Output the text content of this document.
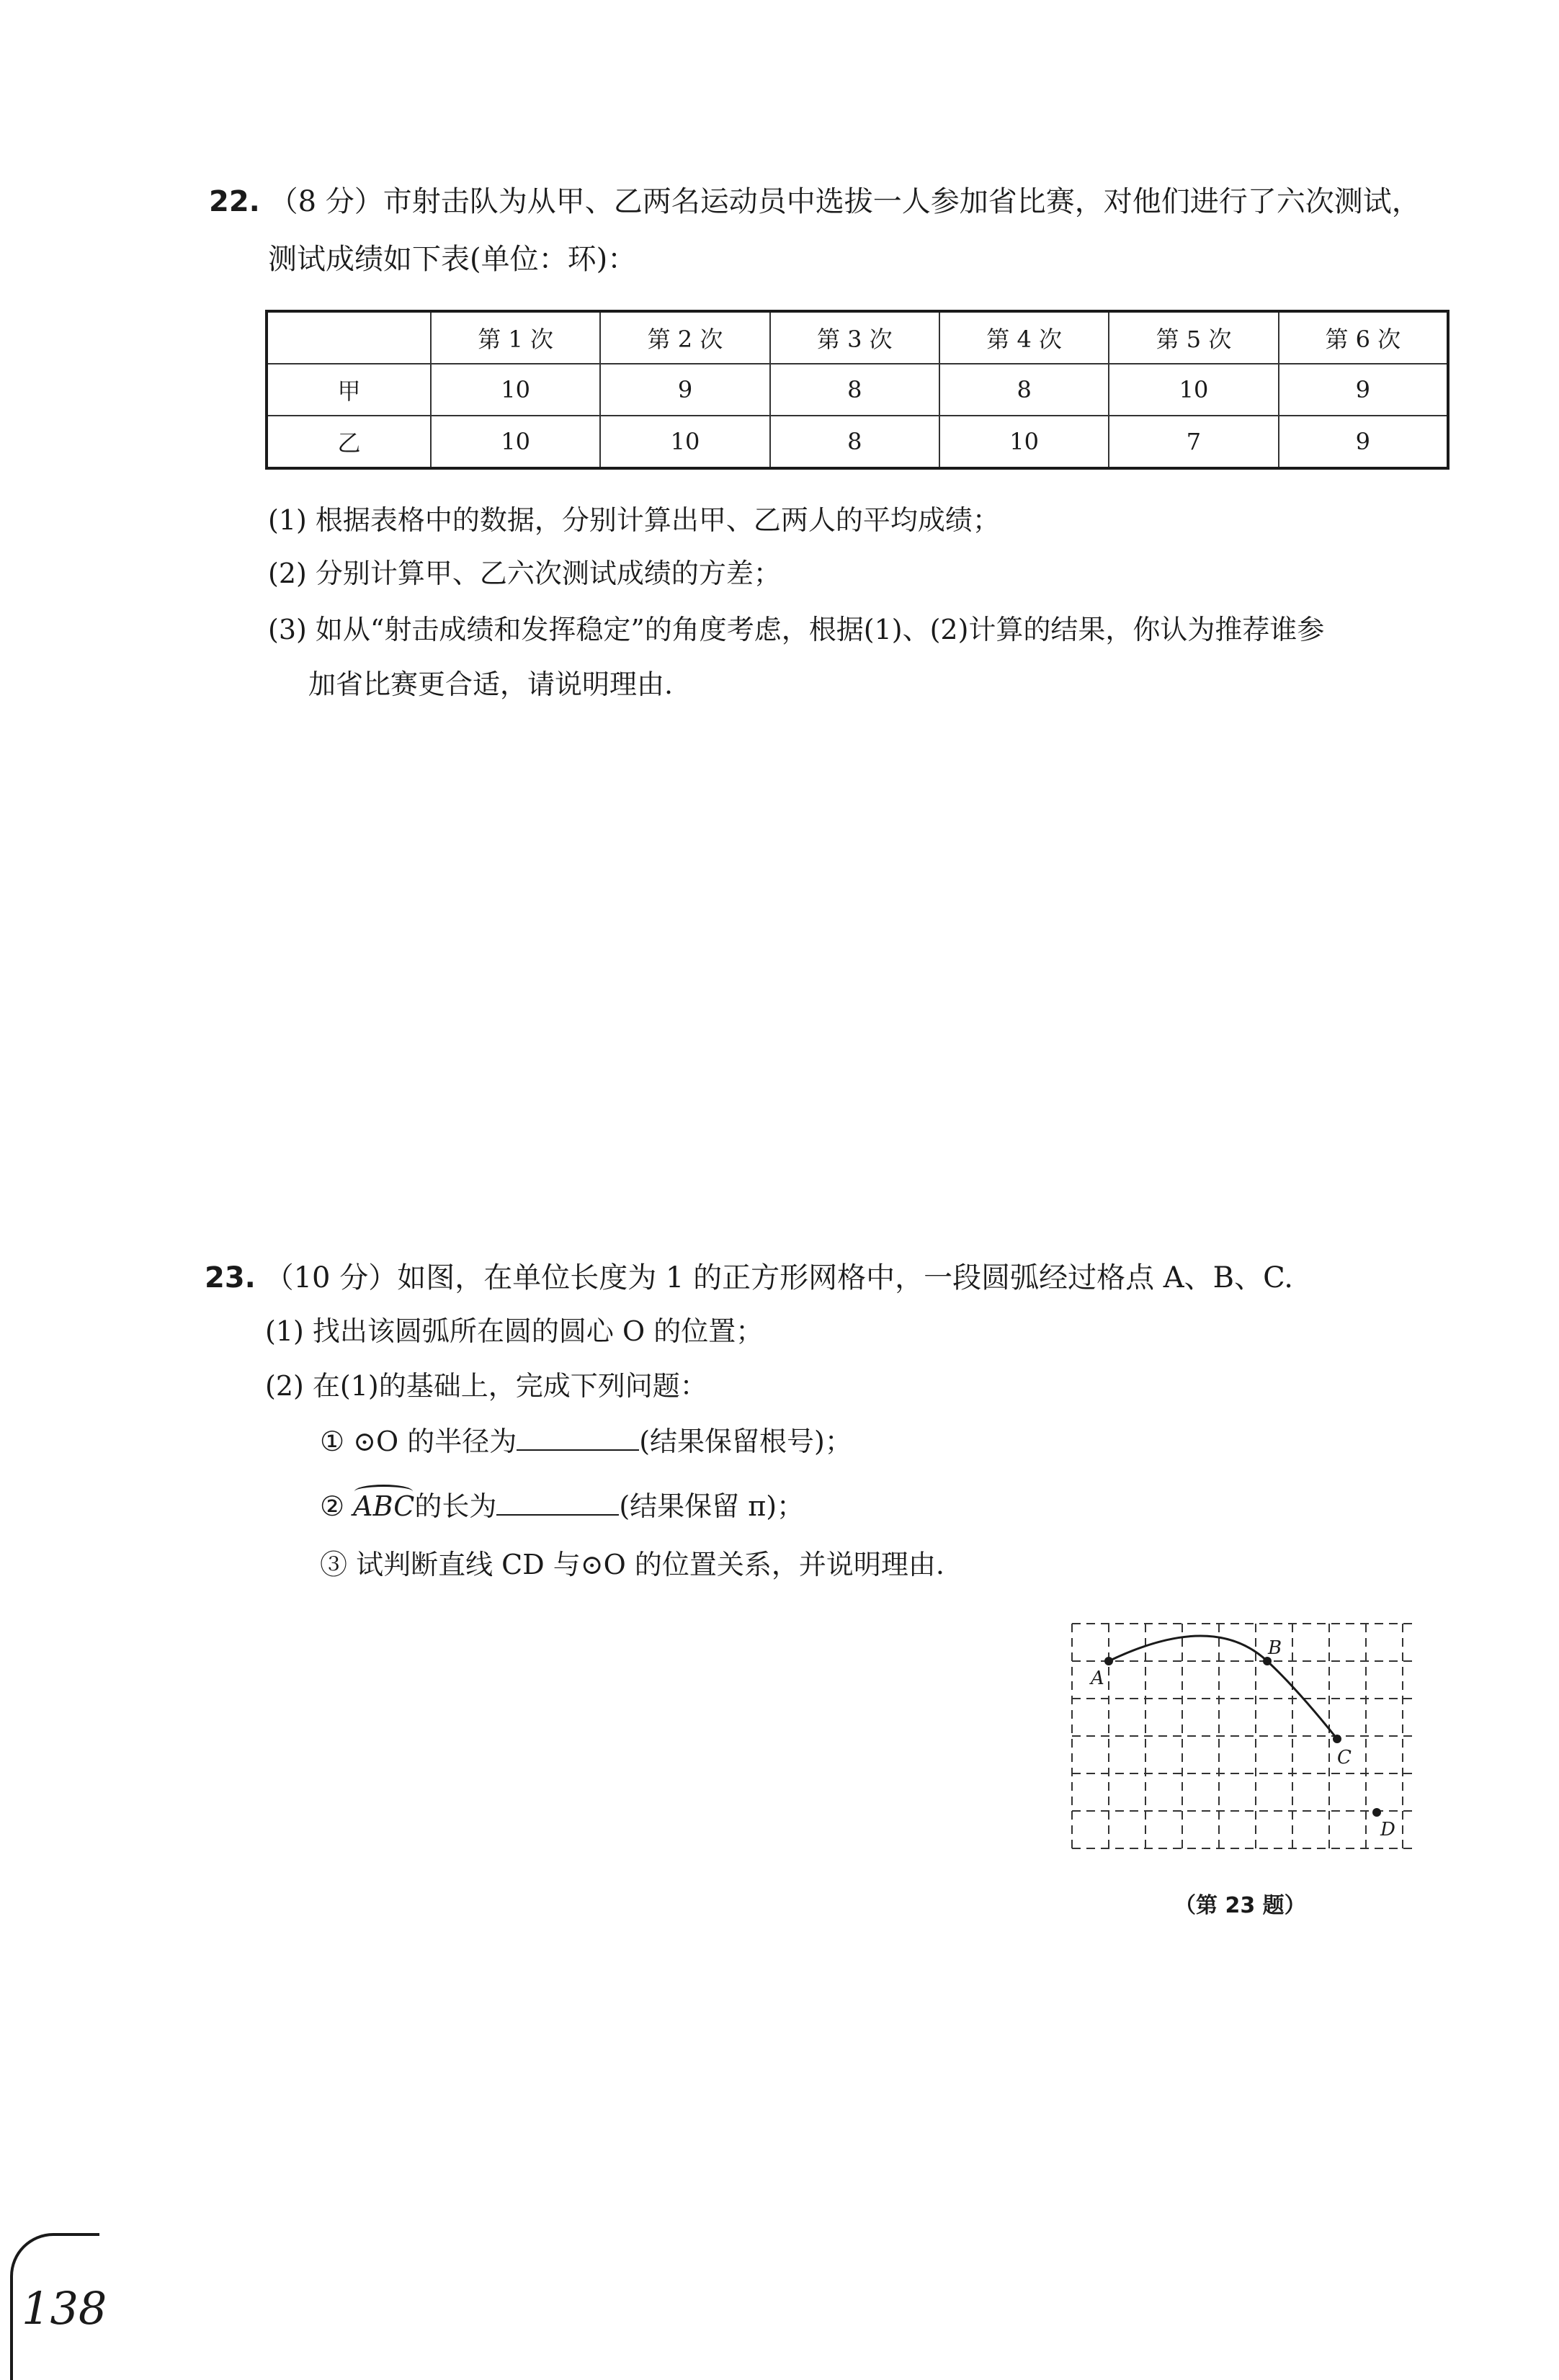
22. （8 分）市射击队为从甲、乙两名运动员中选拔一人参加省比赛，对他们进行了六次测试，
测试成绩如下表(单位：环)：
	第 1 次	第 2 次	第 3 次	第 4 次	第 5 次	第 6 次
甲	10	9	8	8	10	9
乙	10	10	8	10	7	9
(1) 根据表格中的数据，分别计算出甲、乙两人的平均成绩；
(2) 分别计算甲、乙六次测试成绩的方差；
(3) 如从“射击成绩和发挥稳定”的角度考虑，根据(1)、(2)计算的结果，你认为推荐谁参
加省比赛更合适，请说明理由.
23. （10 分）如图，在单位长度为 1 的正方形网格中，一段圆弧经过格点 A、B、C.
(1) 找出该圆弧所在圆的圆心 O 的位置；
(2) 在(1)的基础上，完成下列问题：
① ⊙O 的半径为	(结果保留根号)；
② ABC的长为	(结果保留 π)；
③ 试判断直线 CD 与⊙O 的位置关系，并说明理由.
A
B
C
D
（第 23 题）
138
